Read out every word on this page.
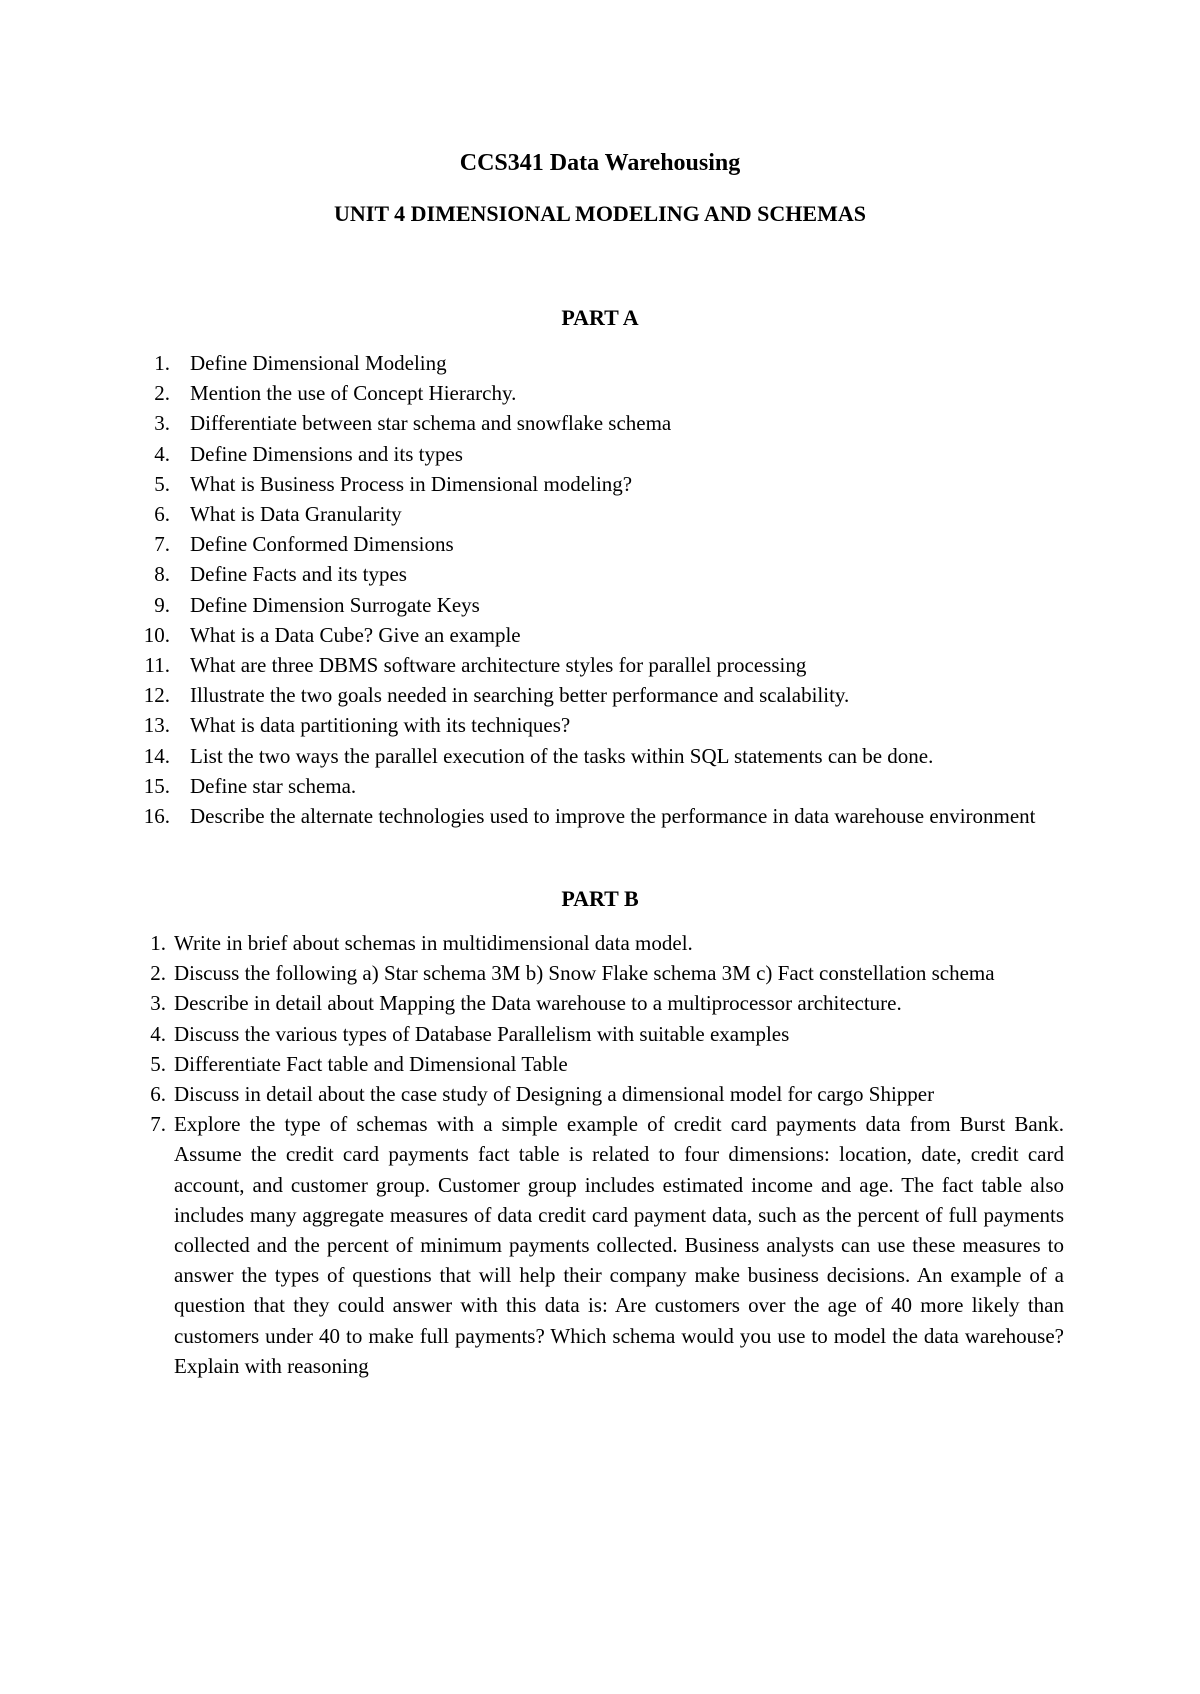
CCS341 Data Warehousing
UNIT 4 DIMENSIONAL MODELING AND SCHEMAS
PART A
1. Define Dimensional Modeling
2. Mention the use of Concept Hierarchy.
3. Differentiate between star schema and snowflake schema
4. Define Dimensions and its types
5. What is Business Process in Dimensional modeling?
6. What is Data Granularity
7. Define Conformed Dimensions
8. Define Facts and its types
9. Define Dimension Surrogate Keys
10. What is a Data Cube? Give an example
11. What are three DBMS software architecture styles for parallel processing
12. Illustrate the two goals needed in searching better performance and scalability.
13. What is data partitioning with its techniques?
14. List the two ways the parallel execution of the tasks within SQL statements can be done.
15. Define star schema.
16. Describe the alternate technologies used to improve the performance in data warehouse environment
PART B
1. Write in brief about schemas in multidimensional data model.
2. Discuss the following a) Star schema 3M b) Snow Flake schema 3M c) Fact constellation schema
3. Describe in detail about Mapping the Data warehouse to a multiprocessor architecture.
4. Discuss the various types of Database Parallelism with suitable examples
5. Differentiate Fact table and Dimensional Table
6. Discuss in detail about the case study of Designing a dimensional model for cargo Shipper
7. Explore the type of schemas with a simple example of credit card payments data from Burst Bank. Assume the credit card payments fact table is related to four dimensions: location, date, credit card account, and customer group. Customer group includes estimated income and age. The fact table also includes many aggregate measures of data credit card payment data, such as the percent of full payments collected and the percent of minimum payments collected. Business analysts can use these measures to answer the types of questions that will help their company make business decisions. An example of a question that they could answer with this data is: Are customers over the age of 40 more likely than customers under 40 to make full payments? Which schema would you use to model the data warehouse? Explain with reasoning
